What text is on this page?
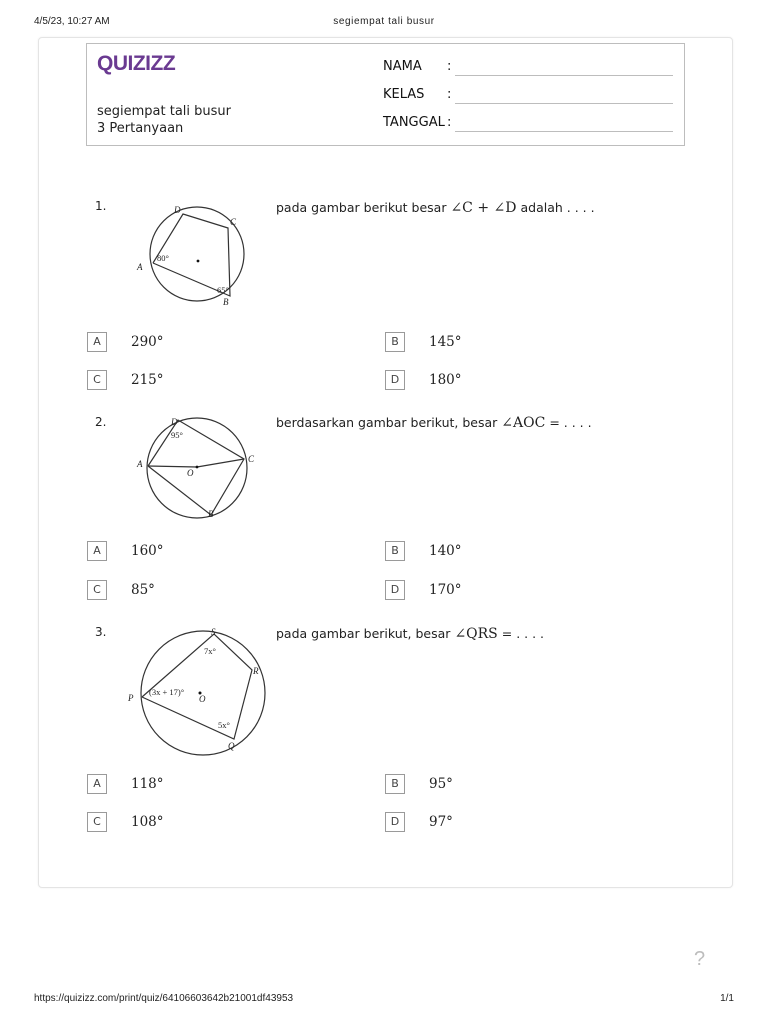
4/5/23, 10:27 AM	segiempat tali busur
QUIZIZZ
segiempat tali busur
3 Pertanyaan
NAMA :
KELAS :
TANGGAL :
1.	D
C
A
B
80°
65°
pada gambar berikut besar ∠C + ∠D adalah . . . .
A	290°	B	145°
C	215°	D	180°
2.	D
C
A
B
O
95°
berdasarkan gambar berikut, besar ∠AOC = . . . .
A	160°	B	140°
C	85°	D	170°
3.	S
R
P
Q
O
7x°
(3x + 17)°
5x°
pada gambar berikut, besar ∠QRS = . . . .
A	118°	B	95°
C	108°	D	97°
?
https://quizizz.com/print/quiz/64106603642b21001df43953	1/1
